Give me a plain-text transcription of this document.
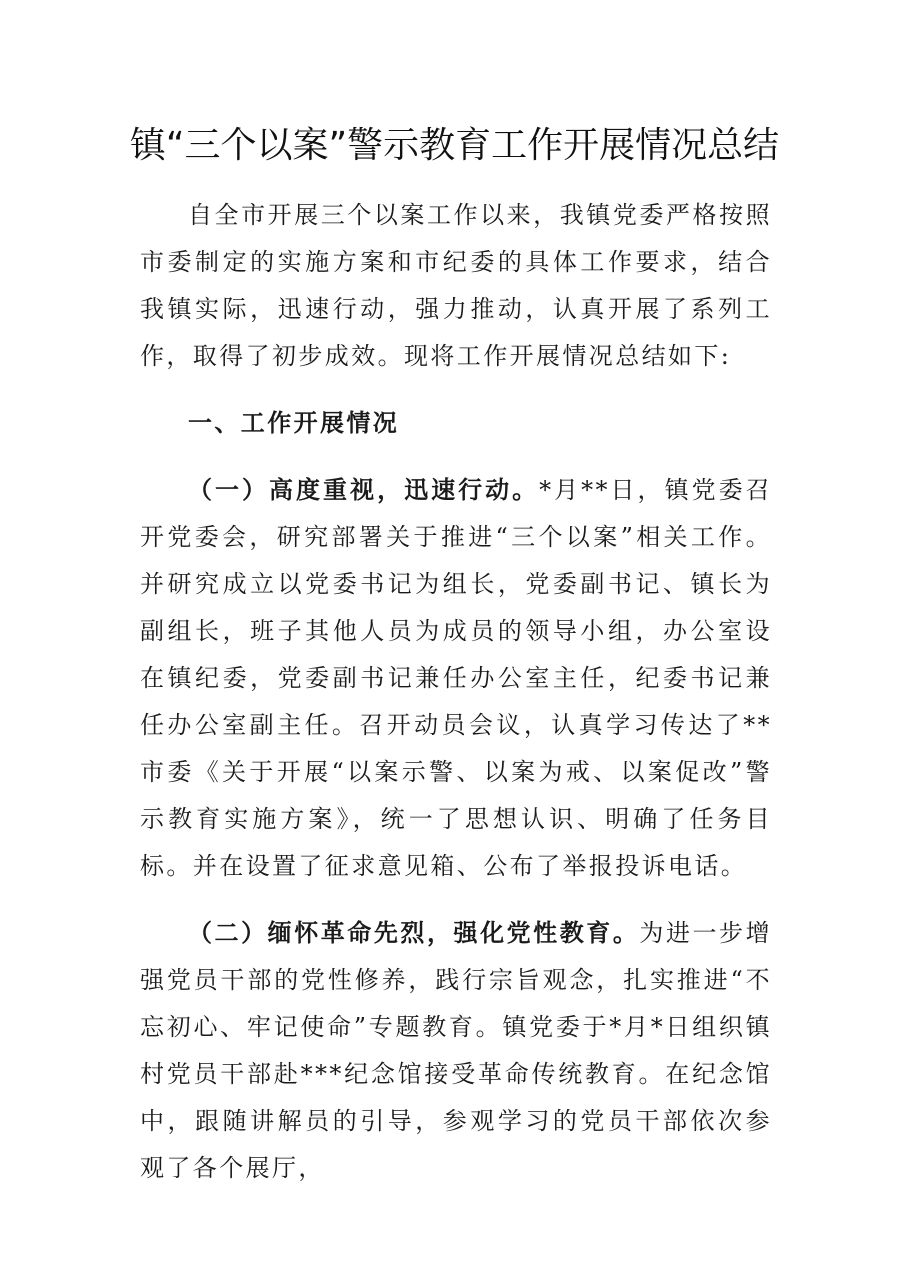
镇“三个以案”警示教育工作开展情况总结

自全市开展三个以案工作以来，我镇党委严格按照市委制定的实施方案和市纪委的具体工作要求，结合我镇实际，迅速行动，强力推动，认真开展了系列工作，取得了初步成效。现将工作开展情况总结如下:

一、工作开展情况

（一）高度重视，迅速行动。*月**日，镇党委召开党委会，研究部署关于推进“三个以案”相关工作。并研究成立以党委书记为组长，党委副书记、镇长为副组长，班子其他人员为成员的领导小组，办公室设在镇纪委，党委副书记兼任办公室主任，纪委书记兼任办公室副主任。召开动员会议，认真学习传达了**市委《关于开展“以案示警、以案为戒、以案促改”警示教育实施方案》，统一了思想认识、明确了任务目标。并在设置了征求意见箱、公布了举报投诉电话。

（二）缅怀革命先烈，强化党性教育。为进一步增强党员干部的党性修养，践行宗旨观念，扎实推进“不忘初心、牢记使命”专题教育。镇党委于*月*日组织镇村党员干部赴***纪念馆接受革命传统教育。在纪念馆中，跟随讲解员的引导，参观学习的党员干部依次参观了各个展厅，
